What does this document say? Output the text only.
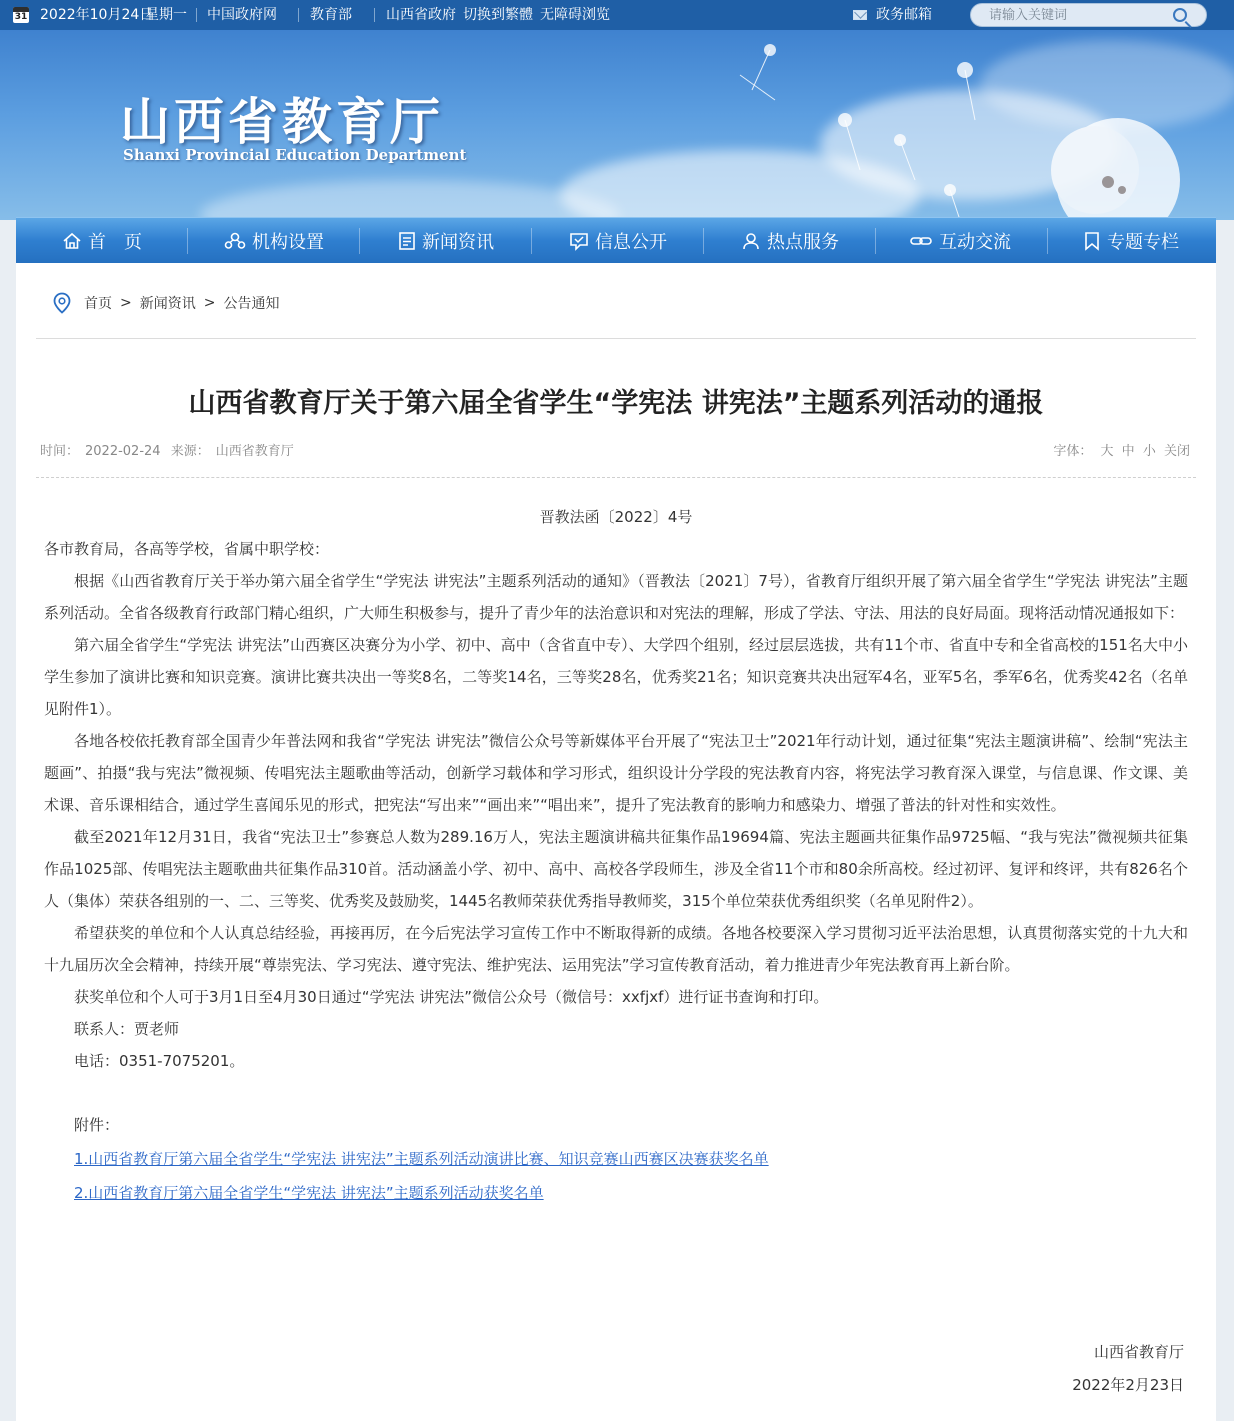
31 2022年10月24日
星期一 中国政府网 教育部 山西省政府 切换到繁體 无障碍浏览	政务邮箱
请输入关键词
山西省教育厅
Shanxi Provincial Education Department
首　页	机构设置	新闻资讯	信息公开	热点服务	互动交流	专题专栏
首页 > 新闻资讯 > 公告通知
山西省教育厅关于第六届全省学生“学宪法 讲宪法”主题系列活动的通报
时间： 2022-02-24 来源： 山西省教育厅	字体： 大 中 小 关闭

晋教法函〔2022〕4号

各市教育局，各高等学校，省属中职学校：

根据《山西省教育厅关于举办第六届全省学生“学宪法 讲宪法”主题系列活动的通知》（晋教法〔2021〕7号），省教育厅组织开展了第六届全省学生“学宪法 讲宪法”主题系列活动。全省各级教育行政部门精心组织，广大师生积极参与，提升了青少年的法治意识和对宪法的理解，形成了学法、守法、用法的良好局面。现将活动情况通报如下：

第六届全省学生“学宪法 讲宪法”山西赛区决赛分为小学、初中、高中（含省直中专）、大学四个组别，经过层层选拔，共有11个市、省直中专和全省高校的151名大中小学生参加了演讲比赛和知识竞赛。演讲比赛共决出一等奖8名，二等奖14名，三等奖28名，优秀奖21名；知识竞赛共决出冠军4名，亚军5名，季军6名，优秀奖42名（名单见附件1）。

各地各校依托教育部全国青少年普法网和我省“学宪法 讲宪法”微信公众号等新媒体平台开展了“宪法卫士”2021年行动计划，通过征集“宪法主题演讲稿”、绘制“宪法主题画”、拍摄“我与宪法”微视频、传唱宪法主题歌曲等活动，创新学习载体和学习形式，组织设计分学段的宪法教育内容，将宪法学习教育深入课堂，与信息课、作文课、美术课、音乐课相结合，通过学生喜闻乐见的形式，把宪法“写出来”“画出来”“唱出来”，提升了宪法教育的影响力和感染力、增强了普法的针对性和实效性。

截至2021年12月31日，我省“宪法卫士”参赛总人数为289.16万人，宪法主题演讲稿共征集作品19694篇、宪法主题画共征集作品9725幅、“我与宪法”微视频共征集作品1025部、传唱宪法主题歌曲共征集作品310首。活动涵盖小学、初中、高中、高校各学段师生，涉及全省11个市和80余所高校。经过初评、复评和终评，共有826名个人（集体）荣获各组别的一、二、三等奖、优秀奖及鼓励奖，1445名教师荣获优秀指导教师奖，315个单位荣获优秀组织奖（名单见附件2）。

希望获奖的单位和个人认真总结经验，再接再厉，在今后宪法学习宣传工作中不断取得新的成绩。各地各校要深入学习贯彻习近平法治思想，认真贯彻落实党的十九大和十九届历次全会精神，持续开展“尊崇宪法、学习宪法、遵守宪法、维护宪法、运用宪法”学习宣传教育活动，着力推进青少年宪法教育再上新台阶。

获奖单位和个人可于3月1日至4月30日通过“学宪法 讲宪法”微信公众号（微信号：xxfjxf）进行证书查询和打印。

联系人：贾老师

电话：0351-7075201。

附件：

1.山西省教育厅第六届全省学生“学宪法 讲宪法”主题系列活动演讲比赛、知识竞赛山西赛区决赛获奖名单

2.山西省教育厅第六届全省学生“学宪法 讲宪法”主题系列活动获奖名单

山西省教育厅
2022年2月23日
